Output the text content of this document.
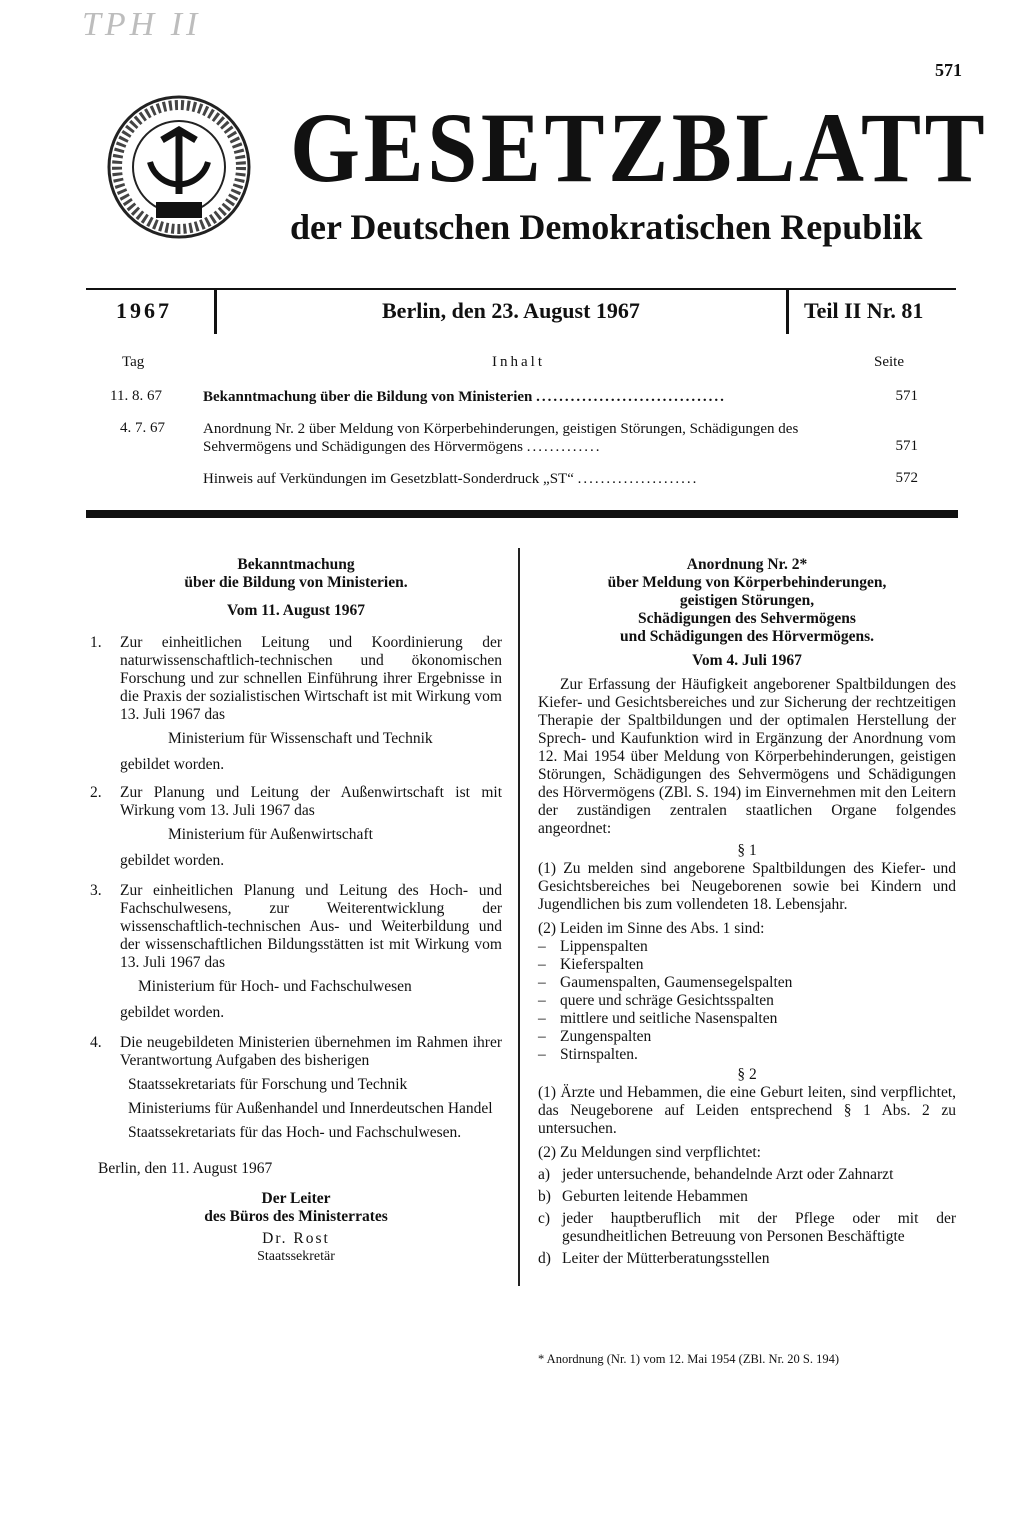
TPH II
571
GESETZBLATT
der Deutschen Demokratischen Republik
1967	Berlin, den 23. August 1967	Teil II Nr. 81
Tag	Inhalt	Seite
11. 8. 67	Bekanntmachung über die Bildung von Ministerien .................................	571
4. 7. 67	Anordnung Nr. 2 über Meldung von Körperbehinderungen, geistigen Störungen, Schädigungen des Sehvermögens und Schädigungen des Hörvermögens .............	571
Hinweis auf Verkündungen im Gesetzblatt-Sonderdruck „ST“ .....................	572

Bekanntmachung

über die Bildung von Ministerien.

Vom 11. August 1967

1.	Zur einheitlichen Leitung und Koordinierung der naturwissenschaftlich-technischen und ökonomischen Forschung und zur schnellen Einführung ihrer Ergebnisse in die Praxis der sozialistischen Wirtschaft ist mit Wirkung vom 13. Juli 1967 das

Ministerium für Wissenschaft und Technik

gebildet worden.

2.	Zur Planung und Leitung der Außenwirtschaft ist mit Wirkung vom 13. Juli 1967 das

Ministerium für Außenwirtschaft

gebildet worden.

3.	Zur einheitlichen Planung und Leitung des Hoch- und Fachschulwesens, zur Weiterentwicklung der wissenschaftlich-technischen Aus- und Weiterbildung und der wissenschaftlichen Bildungsstätten ist mit Wirkung vom 13. Juli 1967 das

Ministerium für Hoch- und Fachschulwesen

gebildet worden.

4.	Die neugebildeten Ministerien übernehmen im Rahmen ihrer Verantwortung Aufgaben des bisherigen

Staatssekretariats für Forschung und Technik

Ministeriums für Außenhandel und Innerdeutschen Handel

Staatssekretariats für das Hoch- und Fachschulwesen.

Berlin, den 11. August 1967

Der Leiter

des Büros des Ministerrates

Dr. Rost

Staatssekretär

Anordnung Nr. 2*

über Meldung von Körperbehinderungen,

geistigen Störungen,

Schädigungen des Sehvermögens

und Schädigungen des Hörvermögens.

Vom 4. Juli 1967

Zur Erfassung der Häufigkeit angeborener Spaltbildungen des Kiefer- und Gesichtsbereiches und zur Sicherung der rechtzeitigen Therapie der Spaltbildungen und der optimalen Herstellung der Sprech- und Kaufunktion wird in Ergänzung der Anordnung vom 12. Mai 1954 über Meldung von Körperbehinderungen, geistigen Störungen, Schädigungen des Sehvermögens und Schädigungen des Hörvermögens (ZBl. S. 194) im Einvernehmen mit den Leitern der zuständigen zentralen staatlichen Organe folgendes angeordnet:

§ 1

(1) Zu melden sind angeborene Spaltbildungen des Kiefer- und Gesichtsbereiches bei Neugeborenen sowie bei Kindern und Jugendlichen bis zum vollendeten 18. Lebensjahr.

(2) Leiden im Sinne des Abs. 1 sind:

– Lippenspalten
– Kieferspalten
– Gaumenspalten, Gaumensegelspalten
– quere und schräge Gesichtsspalten
– mittlere und seitliche Nasenspalten
– Zungenspalten
– Stirnspalten.

§ 2

(1) Ärzte und Hebammen, die eine Geburt leiten, sind verpflichtet, das Neugeborene auf Leiden entsprechend § 1 Abs. 2 zu untersuchen.

(2) Zu Meldungen sind verpflichtet:

a) jeder untersuchende, behandelnde Arzt oder Zahnarzt
b) Geburten leitende Hebammen
c) jeder hauptberuflich mit der Pflege oder mit der gesundheitlichen Betreuung von Personen Beschäftigte
d) Leiter der Mütterberatungsstellen
* Anordnung (Nr. 1) vom 12. Mai 1954 (ZBl. Nr. 20 S. 194)
